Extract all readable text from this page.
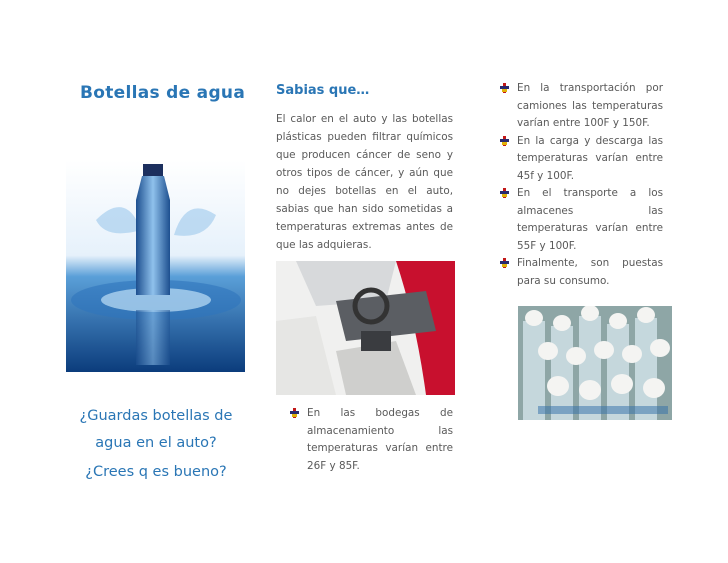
Botellas de agua
¿Guardas botellas de agua en el auto?
¿Crees q es bueno?
Sabias que…
El calor en el auto y las botellas plásticas pueden filtrar químicos que producen cáncer de seno y otros tipos de cáncer, y aún que no dejes botellas en el auto, sabias que han sido sometidas a temperaturas extremas antes de que las adquieras.
En las bodegas de almacenamiento las temperaturas varían entre 26F y 85F.
En la transportación por camiones las temperaturas varían entre 100F y 150F.
En la carga y descarga las temperaturas varían entre 45f y 100F.
En el transporte a los almacenes las temperaturas varían entre 55F y 100F.
Finalmente, son puestas para su consumo.
